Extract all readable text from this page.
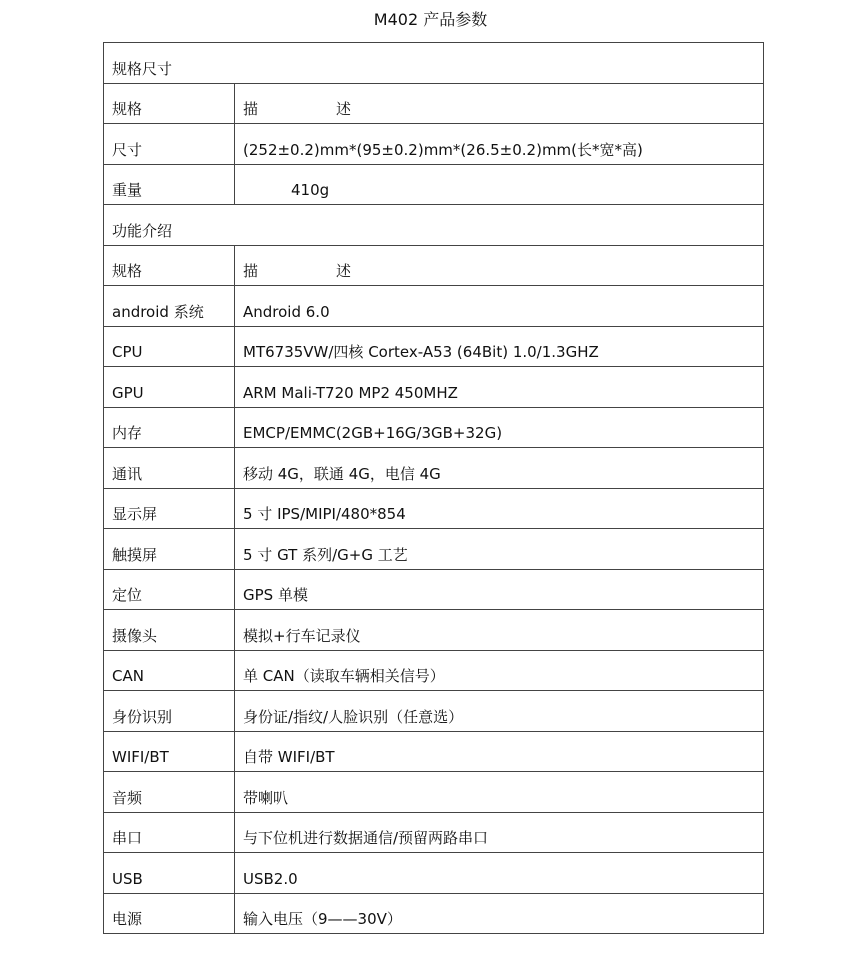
M402 产品参数
规格尺寸	
规格	描 述
尺寸	(252±0.2)mm*(95±0.2)mm*(26.5±0.2)mm(长*宽*高)
重量	410g
功能介绍	
规格	描 述
android 系统	Android 6.0
CPU	MT6735VW/四核 Cortex-A53 (64Bit) 1.0/1.3GHZ
GPU	ARM Mali-T720 MP2 450MHZ
内存	EMCP/EMMC(2GB+16G/3GB+32G)
通讯	移动 4G，联通 4G，电信 4G
显示屏	5 寸 IPS/MIPI/480*854
触摸屏	5 寸 GT 系列/G+G 工艺
定位	GPS 单模
摄像头	模拟+行车记录仪
CAN	单 CAN（读取车辆相关信号）
身份识别	身份证/指纹/人脸识别（任意选）
WIFI/BT	自带 WIFI/BT
音频	带喇叭
串口	与下位机进行数据通信/预留两路串口
USB	USB2.0
电源	输入电压（9——30V）
